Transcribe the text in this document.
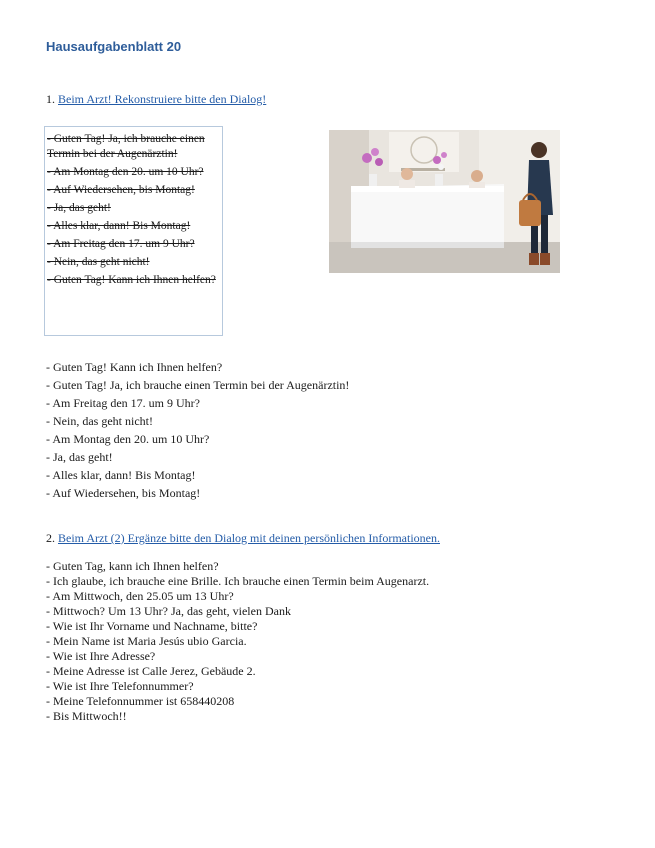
Hausaufgabenblatt 20
1. Beim Arzt! Rekonstruiere bitte den Dialog!
- Guten Tag! Ja, ich brauche einen Termin bei der Augenärztin!
- Am Montag den 20. um 10 Uhr?
- Auf Wiedersehen, bis Montag!
- Ja, das geht!
- Alles klar, dann! Bis Montag!
- Am Freitag den 17. um 9 Uhr?
- Nein, das geht nicht!
- Guten Tag! Kann ich Ihnen helfen?
- Guten Tag! Kann ich Ihnen helfen?
- Guten Tag! Ja, ich brauche einen Termin bei der Augenärztin!
- Am Freitag den 17. um 9 Uhr?
- Nein, das geht nicht!
- Am Montag den 20. um 10 Uhr?
- Ja, das geht!
- Alles klar, dann! Bis Montag!
- Auf Wiedersehen, bis Montag!
2. Beim Arzt (2) Ergänze bitte den Dialog mit deinen persönlichen Informationen.
- Guten Tag, kann ich Ihnen helfen?
- Ich glaube, ich brauche eine Brille. Ich brauche einen Termin beim Augenarzt.
- Am Mittwoch, den 25.05 um 13 Uhr?
- Mittwoch? Um 13 Uhr? Ja, das geht, vielen Dank
- Wie ist Ihr Vorname und Nachname, bitte?
- Mein Name ist Maria Jesús ubio Garcia.
- Wie ist Ihre Adresse?
- Meine Adresse ist Calle Jerez, Gebäude 2.
- Wie ist Ihre Telefonnummer?
- Meine Telefonnummer ist 658440208
- Bis Mittwoch!!
